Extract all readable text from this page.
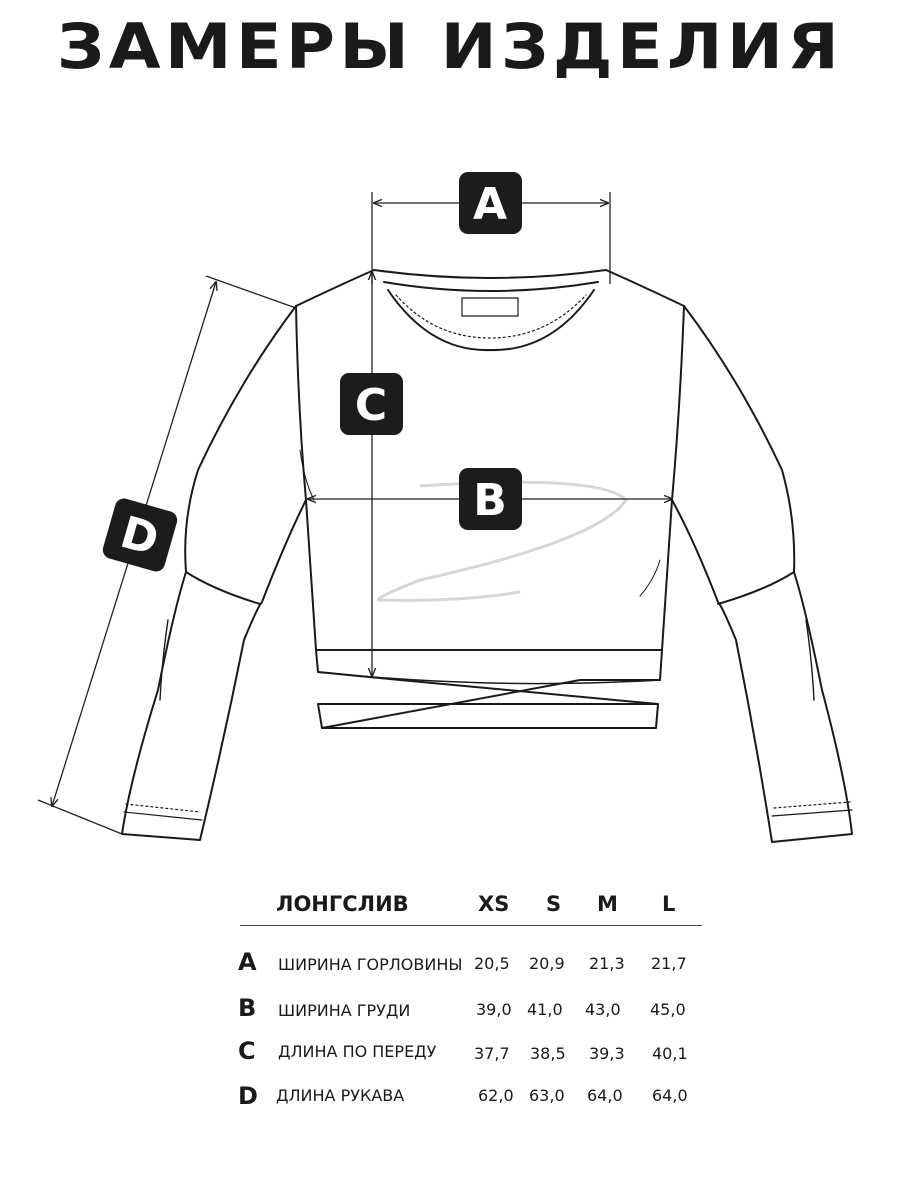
ЗАМЕРЫ ИЗДЕЛИЯ
A
C
B
D
ЛОНГСЛИВ	XS S M L
A ШИРИНА ГОРЛОВИНЫ 20,5 20,9 21,3 21,7
B ШИРИНА ГРУДИ	39,0 41,0 43,0 45,0
C ДЛИНА ПО ПЕРЕДУ 37,7 38,5 39,3 40,1
D ДЛИНА РУКАВА	62,0 63,0 64,0 64,0
